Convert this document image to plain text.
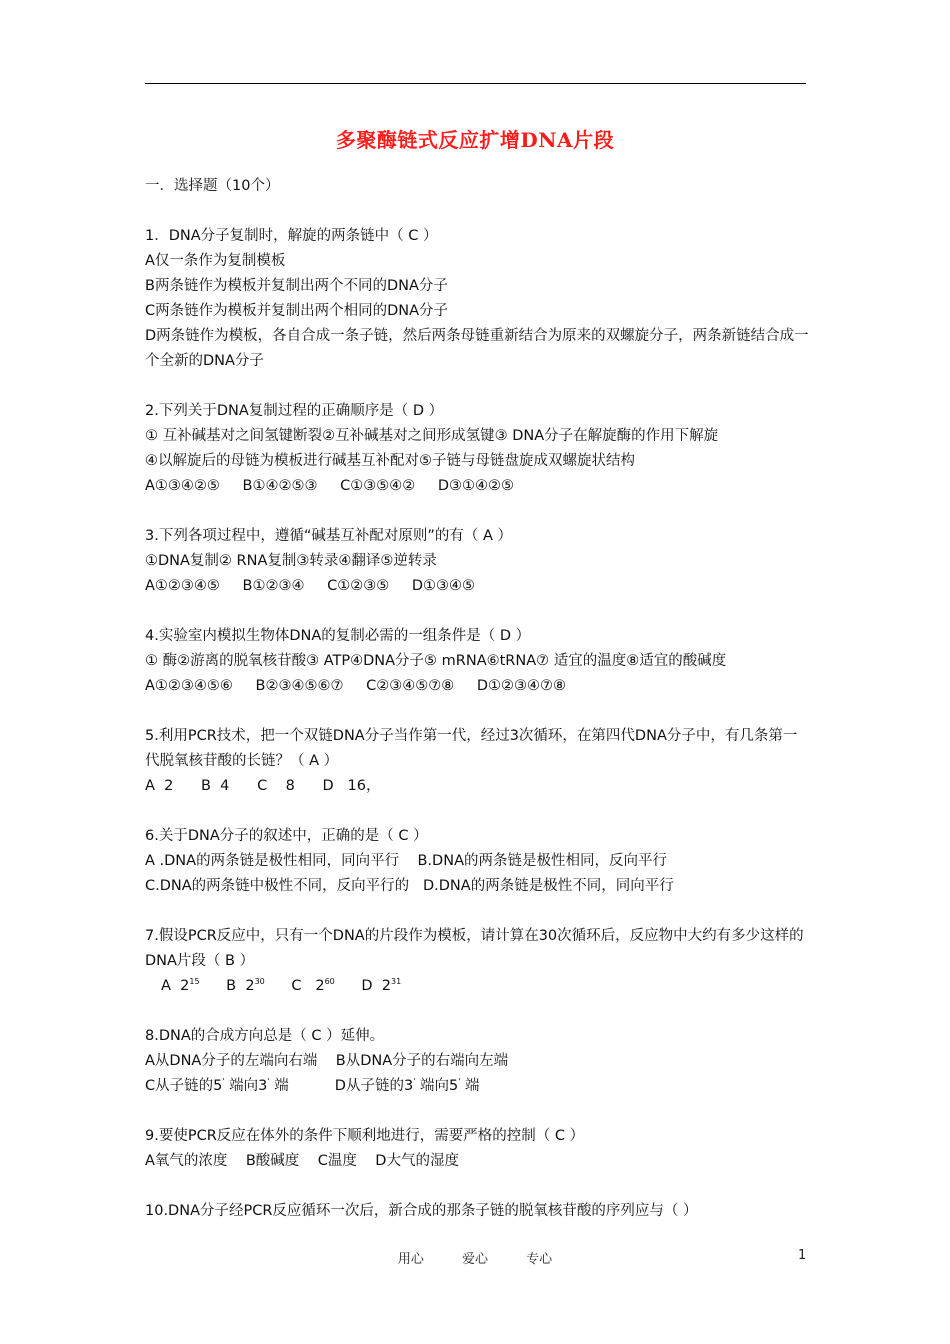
多聚酶链式反应扩增DNA片段
一．选择题（10个）
1．DNA分子复制时，解旋的两条链中（ C ）
A仅一条作为复制模板
B两条链作为模板并复制出两个不同的DNA分子
C两条链作为模板并复制出两个相同的DNA分子
D两条链作为模板，各自合成一条子链，然后两条母链重新结合为原来的双螺旋分子，两条新链结合成一个全新的DNA分子
2.下列关于DNA复制过程的正确顺序是（ D ）
① 互补碱基对之间氢键断裂②互补碱基对之间形成氢键③ DNA分子在解旋酶的作用下解旋
④以解旋后的母链为模板进行碱基互补配对⑤子链与母链盘旋成双螺旋状结构
A①③④②⑤ B①④②⑤③ C①③⑤④② D③①④②⑤
3.下列各项过程中，遵循“碱基互补配对原则”的有（ A ）
①DNA复制② RNA复制③转录④翻译⑤逆转录
A①②③④⑤ B①②③④ C①②③⑤ D①③④⑤
4.实验室内模拟生物体DNA的复制必需的一组条件是（ D ）
① 酶②游离的脱氧核苷酸③ ATP④DNA分子⑤ mRNA⑥tRNA⑦ 适宜的温度⑧适宜的酸碱度
A①②③④⑤⑥ B②③④⑤⑥⑦ C②③④⑤⑦⑧ D①②③④⑦⑧
5.利用PCR技术，把一个双链DNA分子当作第一代，经过3次循环，在第四代DNA分子中，有几条第一代脱氧核苷酸的长链？（ A ）
A  2      B  4      C    8      D   16，
6.关于DNA分子的叙述中，正确的是（ C ）
A .DNA的两条链是极性相同，同向平行    B.DNA的两条链是极性相同，反向平行
C.DNA的两条链中极性不同，反向平行的   D.DNA的两条链是极性不同，同向平行
7.假设PCR反应中，只有一个DNA的片段作为模板，请计算在30次循环后，反应物中大约有多少这样的DNA片段（ B ）
A $2^{15}$ B $2^{30}$ C $2^{60}$ D $2^{31}$
8.DNA的合成方向总是（ C ）延伸。
A从DNA分子的左端向右端    B从DNA分子的右端向左端
C从子链的5' 端向3' 端          D从子链的3' 端向5' 端
9.要使PCR反应在体外的条件下顺利地进行，需要严格的控制（ C ）
A氧气的浓度    B酸碱度    C温度    D大气的湿度
10.DNA分子经PCR反应循环一次后，新合成的那条子链的脱氧核苷酸的序列应与（ ）
用心	爱心	专心	1
